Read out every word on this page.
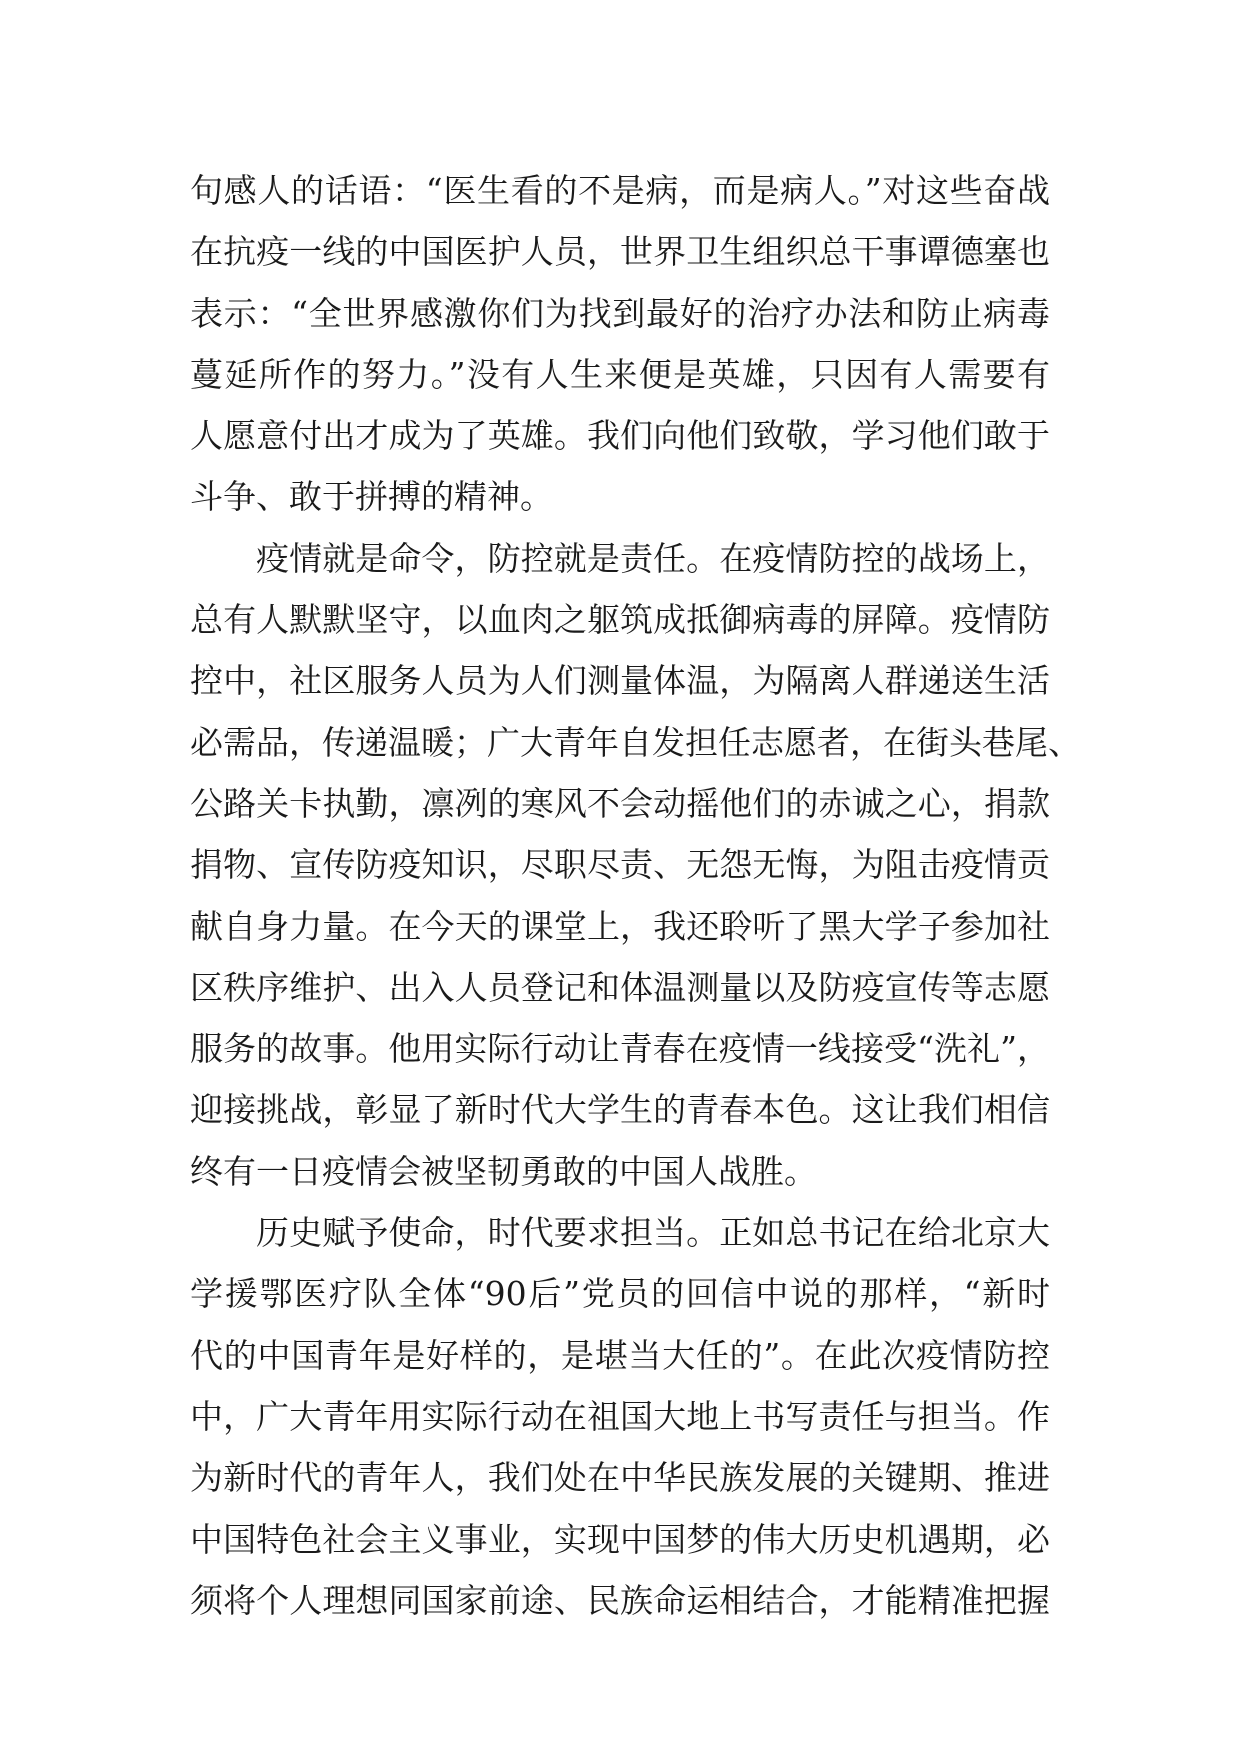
句感人的话语：“医生看的不是病，而是病人。”对这些奋战
在抗疫一线的中国医护人员，世界卫生组织总干事谭德塞也
表示：“全世界感激你们为找到最好的治疗办法和防止病毒
蔓延所作的努力。”没有人生来便是英雄，只因有人需要有
人愿意付出才成为了英雄。我们向他们致敬，学习他们敢于
斗争、敢于拼搏的精神。
疫情就是命令，防控就是责任。在疫情防控的战场上，
总有人默默坚守，以血肉之躯筑成抵御病毒的屏障。疫情防
控中，社区服务人员为人们测量体温，为隔离人群递送生活
必需品，传递温暖；广大青年自发担任志愿者，在街头巷尾、
公路关卡执勤，凛冽的寒风不会动摇他们的赤诚之心，捐款
捐物、宣传防疫知识，尽职尽责、无怨无悔，为阻击疫情贡
献自身力量。在今天的课堂上，我还聆听了黑大学子参加社
区秩序维护、出入人员登记和体温测量以及防疫宣传等志愿
服务的故事。他用实际行动让青春在疫情一线接受“洗礼”，
迎接挑战，彰显了新时代大学生的青春本色。这让我们相信
终有一日疫情会被坚韧勇敢的中国人战胜。
历史赋予使命，时代要求担当。正如总书记在给北京大
学援鄂医疗队全体“90后”党员的回信中说的那样，“新时
代的中国青年是好样的，是堪当大任的”。在此次疫情防控
中，广大青年用实际行动在祖国大地上书写责任与担当。作
为新时代的青年人，我们处在中华民族发展的关键期、推进
中国特色社会主义事业，实现中国梦的伟大历史机遇期，必
须将个人理想同国家前途、民族命运相结合，才能精准把握
